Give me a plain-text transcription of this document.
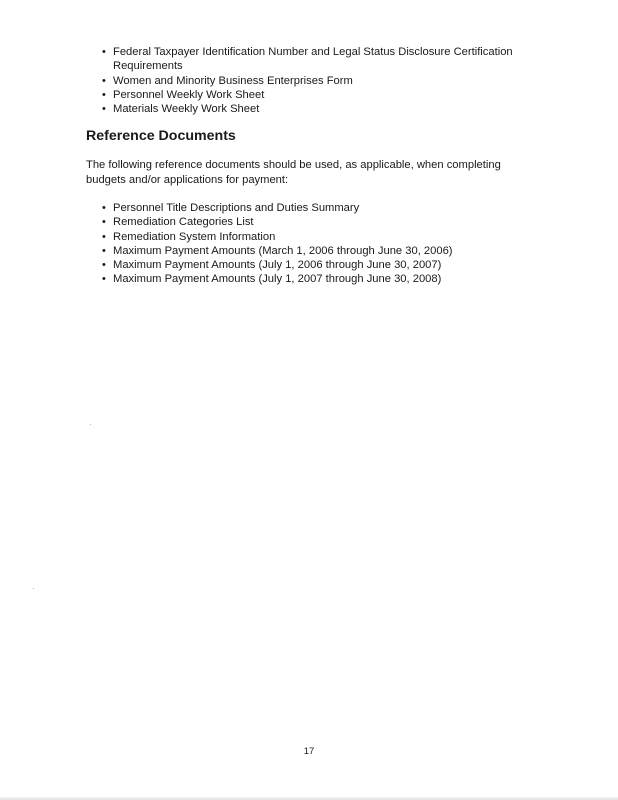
• Federal Taxpayer Identification Number and Legal Status Disclosure Certification Requirements
• Women and Minority Business Enterprises Form
• Personnel Weekly Work Sheet
• Materials Weekly Work Sheet
Reference Documents

The following reference documents should be used, as applicable, when completing budgets and/or applications for payment:

• Personnel Title Descriptions and Duties Summary
• Remediation Categories List
• Remediation System Information
• Maximum Payment Amounts (March 1, 2006 through June 30, 2006)
• Maximum Payment Amounts (July 1, 2006 through June 30, 2007)
• Maximum Payment Amounts (July 1, 2007 through June 30, 2008)
17
